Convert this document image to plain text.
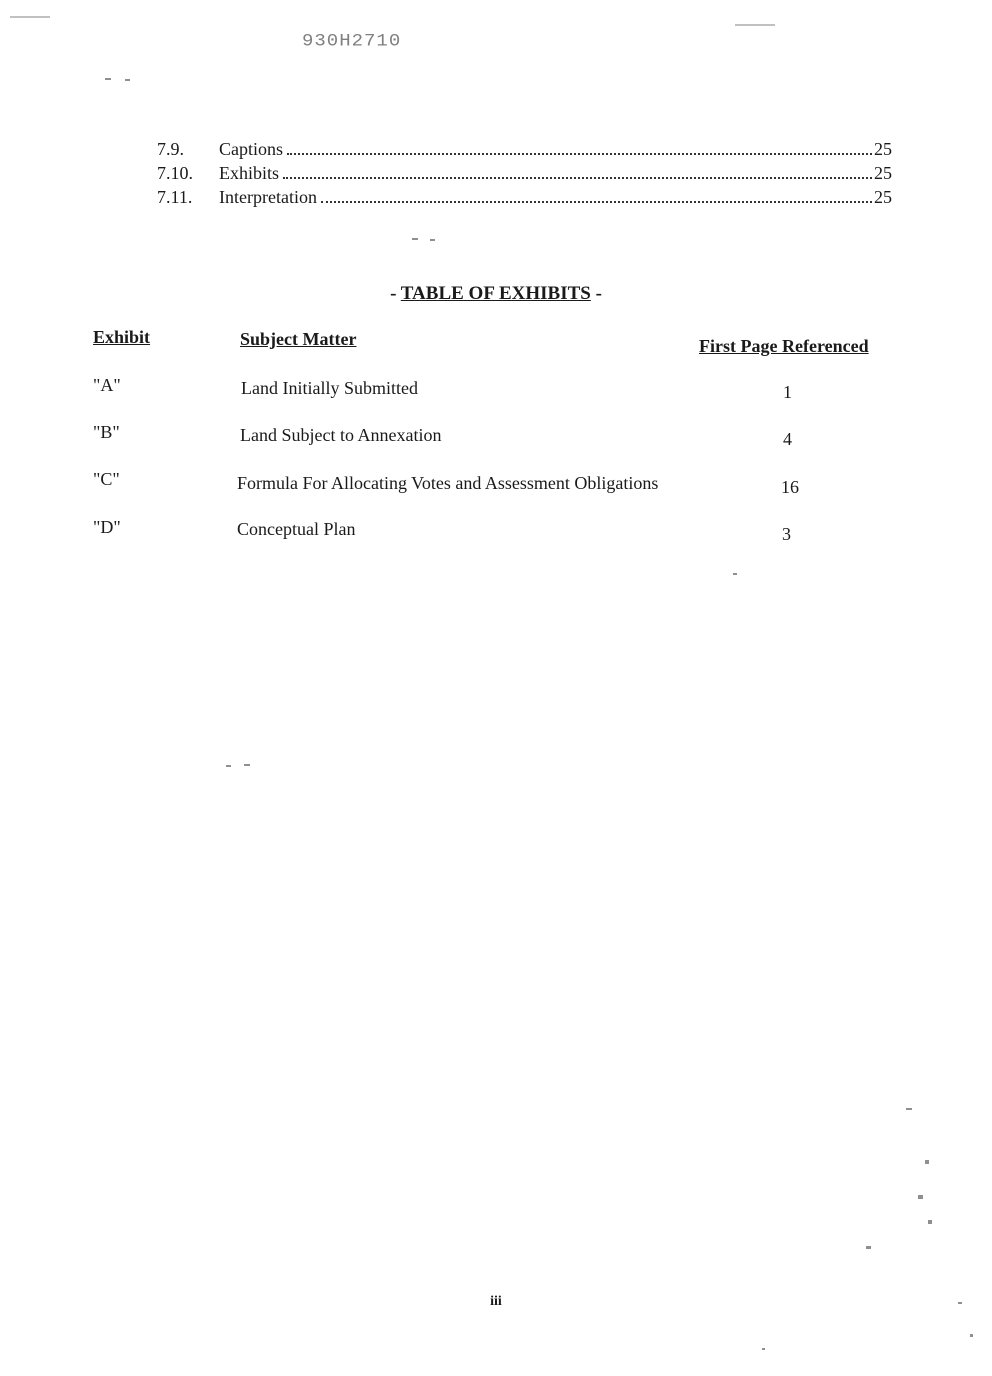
930H2710
7.9.	Captions	25
7.10.	Exhibits	25
7.11.	Interpretation	25
- TABLE OF EXHIBITS -
Exhibit	Subject Matter	First Page Referenced
"A"	Land Initially Submitted	1
"B"	Land Subject to Annexation	4
"C"	Formula For Allocating Votes and Assessment Obligations	16
"D"	Conceptual Plan	3
iii
